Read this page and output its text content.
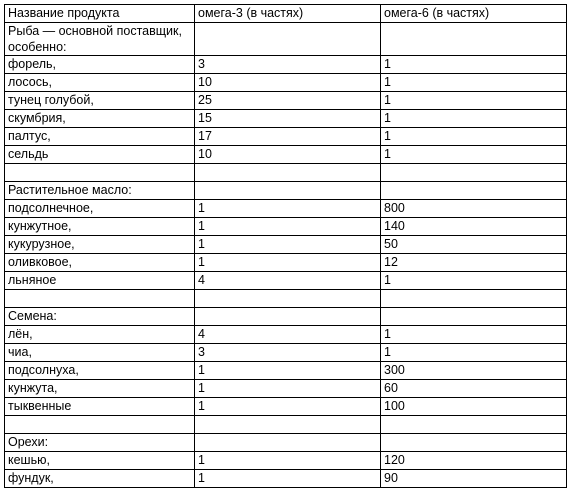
Название продукта	омега-3 (в частях)	омега-6 (в частях)
Рыба — основной поставщик, особенно:		
форель,	3	1
лосось,	10	1
тунец голубой,	25	1
скумбрия,	15	1
палтус,	17	1
сельдь	10	1

Растительное масло:		
подсолнечное,	1	800
кунжутное,	1	140
кукурузное,	1	50
оливковое,	1	12
льняное	4	1

Семена:		
лён,	4	1
чиа,	3	1
подсолнуха,	1	300
кунжута,	1	60
тыквенные	1	100

Орехи:		
кешью,	1	120
фундук,	1	90
